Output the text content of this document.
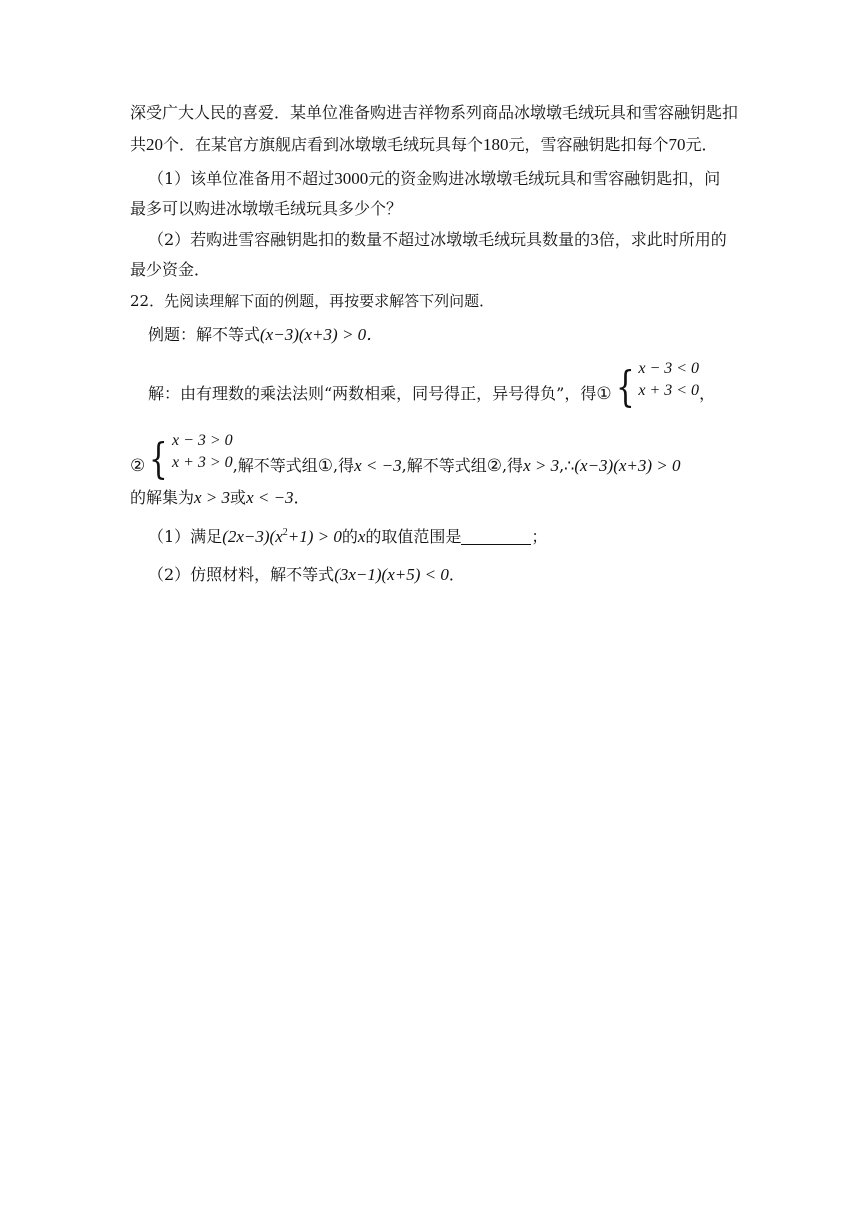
深受广大人民的喜爱．某单位准备购进吉祥物系列商品冰墩墩毛绒玩具和雪容融钥匙扣
共20个．在某官方旗舰店看到冰墩墩毛绒玩具每个180元，雪容融钥匙扣每个70元．
（1）该单位准备用不超过3000元的资金购进冰墩墩毛绒玩具和雪容融钥匙扣，问
最多可以购进冰墩墩毛绒玩具多少个？
（2）若购进雪容融钥匙扣的数量不超过冰墩墩毛绒玩具数量的3倍，求此时所用的
最少资金．
22．先阅读理解下面的例题，再按要求解答下列问题．
例题：解不等式(x−3)(x+3) > 0．
解：由有理数的乘法法则“两数相乘，同号得正，异号得负”，得①{ x − 3 < 0
x + 3 < 0 ，
②{ x − 3 > 0
x + 3 > 0 ,解不等式组①,得x < −3,解不等式组②,得x > 3,∴(x−3)(x+3) > 0
的解集为x > 3或x < −3．
（1）满足$(2x-3)(x^2+1) > 0$的x的取值范围是	；
（2）仿照材料，解不等式(3x−1)(x+5) < 0．
